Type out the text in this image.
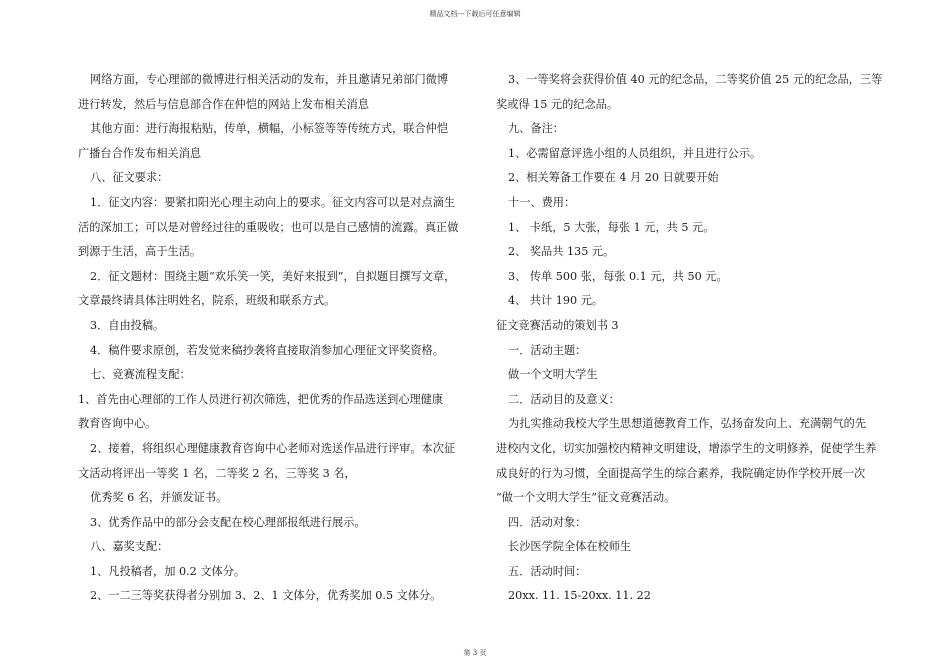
精品文档---下载后可任意编辑

网络方面，专心理部的微博进行相关活动的发布，并且邀请兄弟部门微博

进行转发，然后与信息部合作在仲恺的网站上发布相关消息

其他方面：进行海报粘贴，传单，横幅，小标签等等传统方式，联合仲恺

广播台合作发布相关消息

八、征文要求：

1．征文内容：要紧扣阳光心理主动向上的要求。征文内容可以是对点滴生

活的深加工；可以是对曾经过往的重吸收；也可以是自己感情的流露。真正做

到源于生活，高于生活。

2．征文题材：围绕主题“欢乐笑一笑，美好来报到”，自拟题目撰写文章，

文章最终请具体注明姓名，院系，班级和联系方式。

3．自由投稿。

4．稿件要求原创，若发觉来稿抄袭将直接取消参加心理征文评奖资格。

七、竞赛流程支配：

1、首先由心理部的工作人员进行初次筛选，把优秀的作品选送到心理健康

教育咨询中心。

2、接着，将组织心理健康教育咨询中心老师对选送作品进行评审。本次征

文活动将评出一等奖 1 名，二等奖 2 名，三等奖 3 名，

优秀奖 6 名，并颁发证书。

3、优秀作品中的部分会支配在校心理部报纸进行展示。

八、嘉奖支配：

1、凡投稿者，加 0.2 文体分。

2、一二三等奖获得者分别加 3、2、1 文体分，优秀奖加 0.5 文体分。

3、一等奖将会获得价值 40 元的纪念品，二等奖价值 25 元的纪念品，三等

奖或得 15 元的纪念品。

九、备注：

1、必需留意评选小组的人员组织，并且进行公示。

2、相关筹备工作要在 4 月 20 日就要开始

十一、费用：

1、 卡纸，5 大张，每张 1 元，共 5 元。

2、 奖品共 135 元。

3、 传单 500 张，每张 0.1 元，共 50 元。

4、 共计 190 元。

征文竞赛活动的策划书 3

一．活动主题：

做一个文明大学生

二．活动目的及意义：

为扎实推动我校大学生思想道德教育工作，弘扬奋发向上、充满朝气的先

进校内文化，切实加强校内精神文明建设，增添学生的文明修养，促使学生养

成良好的行为习惯，全面提高学生的综合素养，我院确定协作学校开展一次

“做一个文明大学生”征文竞赛活动。

四．活动对象：

长沙医学院全体在校师生

五．活动时间：

20xx. 11. 15-20xx. 11. 22

第 3 页
